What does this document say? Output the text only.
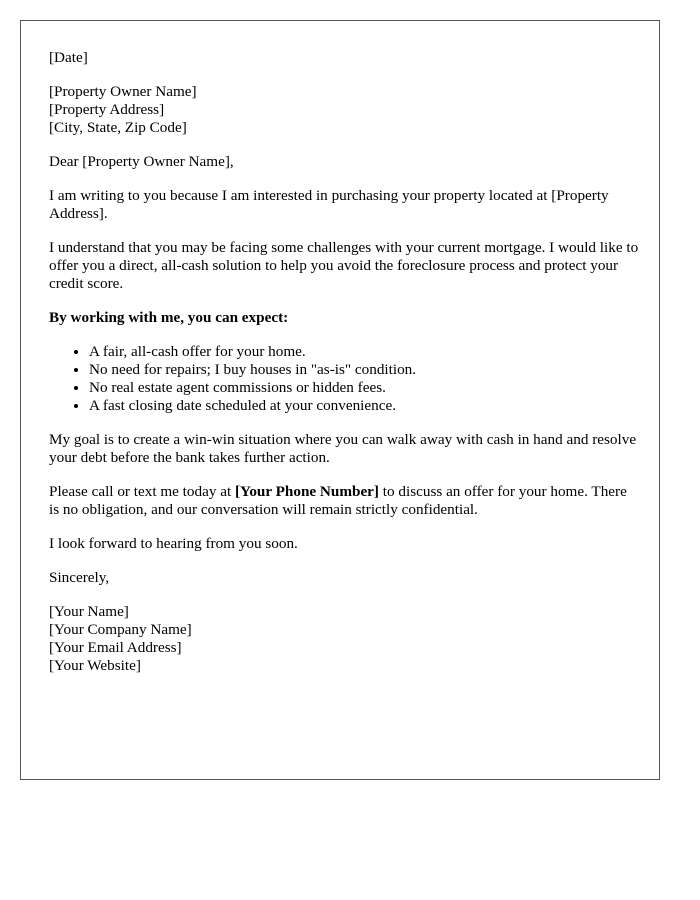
[Date]

[Property Owner Name]
[Property Address]
[City, State, Zip Code]

Dear [Property Owner Name],

I am writing to you because I am interested in purchasing your property located at [Property Address].

I understand that you may be facing some challenges with your current mortgage. I would like to offer you a direct, all-cash solution to help you avoid the foreclosure process and protect your credit score.

By working with me, you can expect:

• A fair, all-cash offer for your home.
• No need for repairs; I buy houses in "as-is" condition.
• No real estate agent commissions or hidden fees.
• A fast closing date scheduled at your convenience.

My goal is to create a win-win situation where you can walk away with cash in hand and resolve your debt before the bank takes further action.

Please call or text me today at [Your Phone Number] to discuss an offer for your home. There is no obligation, and our conversation will remain strictly confidential.

I look forward to hearing from you soon.

Sincerely,

[Your Name]
[Your Company Name]
[Your Email Address]
[Your Website]
